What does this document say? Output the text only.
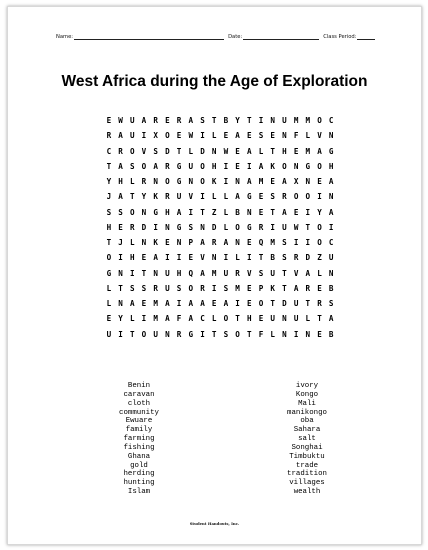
Name:	Date:	Class Period:
West Africa during the Age of Exploration
E W U A R E R A S T B Y T I N U M M O C
R A U I X O E W I L E A E S E N F L V N
C R O V S D T L D N W E A L T H E M A G
T A S O A R G U O H I E I A K O N G O H
Y H L R N O G N O K I N A M E A X N E A
J A T Y K R U V I L L A G E S R O O I N
S S O N G H A I T Z L B N E T A E I Y A
H E R D I N G S N D L O G R I U W T O I
T J L N K E N P A R A N E Q M S I I O C
O I H E A I I E V N I L I T B S R D Z U
G N I T N U H Q A M U R V S U T V A L N
L T S S R U S O R I S M E P K T A R E B
L N A E M A I A A E A I E O T D U T R S
E Y L I M A F A C L O T H E U N U L T A
U I T O U N R G I T S O T F L N I N E B
Benin
caravan
cloth
community
Ewuare
family
farming
fishing
Ghana
gold
herding
hunting
Islam
ivory
Kongo
Mali
manikongo
oba
Sahara
salt
Songhai
Timbuktu
trade
tradition
villages
wealth
Student Handouts, Inc.
